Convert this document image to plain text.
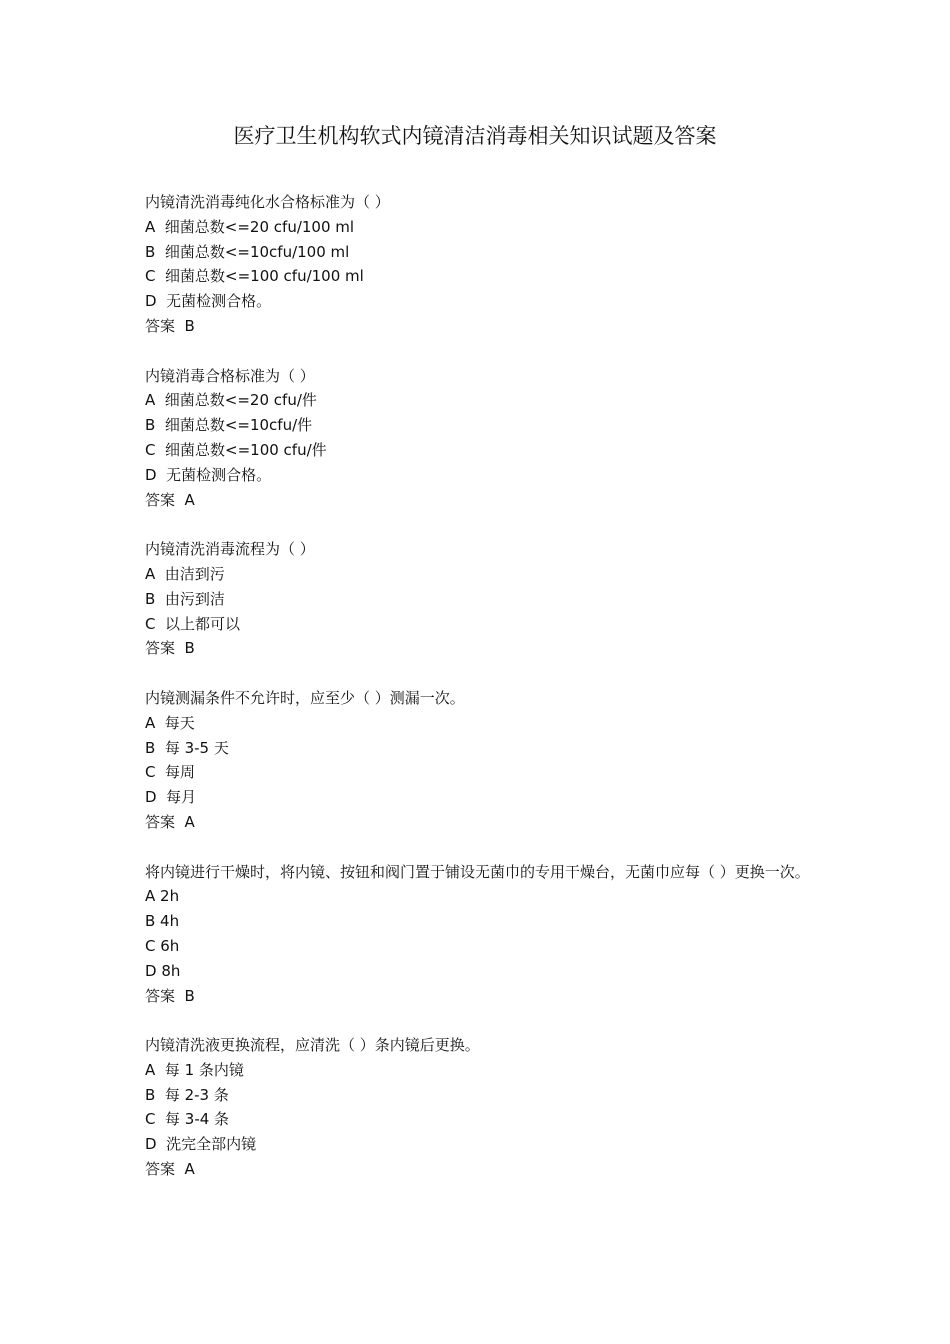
医疗卫生机构软式内镜清洁消毒相关知识试题及答案
内镜清洗消毒纯化水合格标准为（ ）
A  细菌总数<=20 cfu/100 ml
B  细菌总数<=10cfu/100 ml
C  细菌总数<=100 cfu/100 ml
D  无菌检测合格。
答案  B
内镜消毒合格标准为（ ）
A  细菌总数<=20 cfu/件
B  细菌总数<=10cfu/件
C  细菌总数<=100 cfu/件
D  无菌检测合格。
答案  A
内镜清洗消毒流程为（ ）
A  由洁到污
B  由污到洁
C  以上都可以
答案  B
内镜测漏条件不允许时，应至少（ ）测漏一次。
A  每天
B  每 3-5 天
C  每周
D  每月
答案  A
将内镜进行干燥时，将内镜、按钮和阀门置于铺设无菌巾的专用干燥台，无菌巾应每（ ）更换一次。
A 2h
B 4h
C 6h
D 8h
答案  B
内镜清洗液更换流程，应清洗（ ）条内镜后更换。
A  每 1 条内镜
B  每 2-3 条
C  每 3-4 条
D  洗完全部内镜
答案  A
